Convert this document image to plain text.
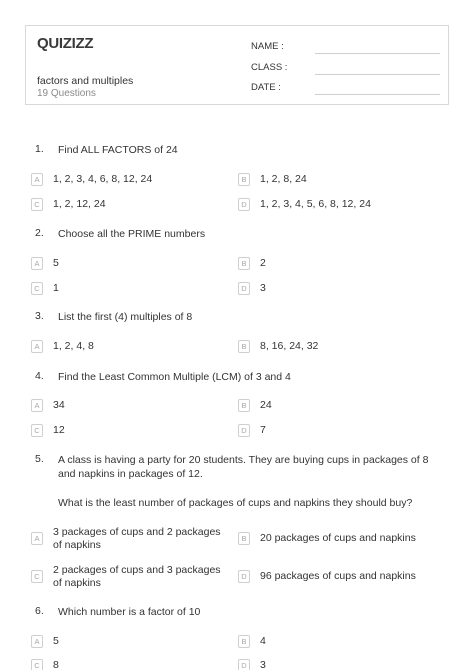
QUIZIZZ
factors and multiples
19 Questions
NAME :
CLASS :
DATE :
1. Find ALL FACTORS of 24
A	1, 2, 3, 4, 6, 8, 12, 24	B	1, 2, 8, 24
C	1, 2, 12, 24	D	1, 2, 3, 4, 5, 6, 8, 12, 24
2. Choose all the PRIME numbers
A	5	B	2
C	1	D	3
3. List the first (4) multiples of 8
A	1, 2, 4, 8	B	8, 16, 24, 32
4. Find the Least Common Multiple (LCM) of 3 and 4
A	34	B	24
C	12	D	7
5. A class is having a party for 20 students. They are buying cups in packages of 8 and napkins in packages of 12.
What is the least number of packages of cups and napkins they should buy?
A
3 packages of cups and 2 packages of napkins
B	20 packages of cups and napkins
C
2 packages of cups and 3 packages of napkins
D	96 packages of cups and napkins
6. Which number is a factor of 10
A	5	B	4
C	8	D	3
